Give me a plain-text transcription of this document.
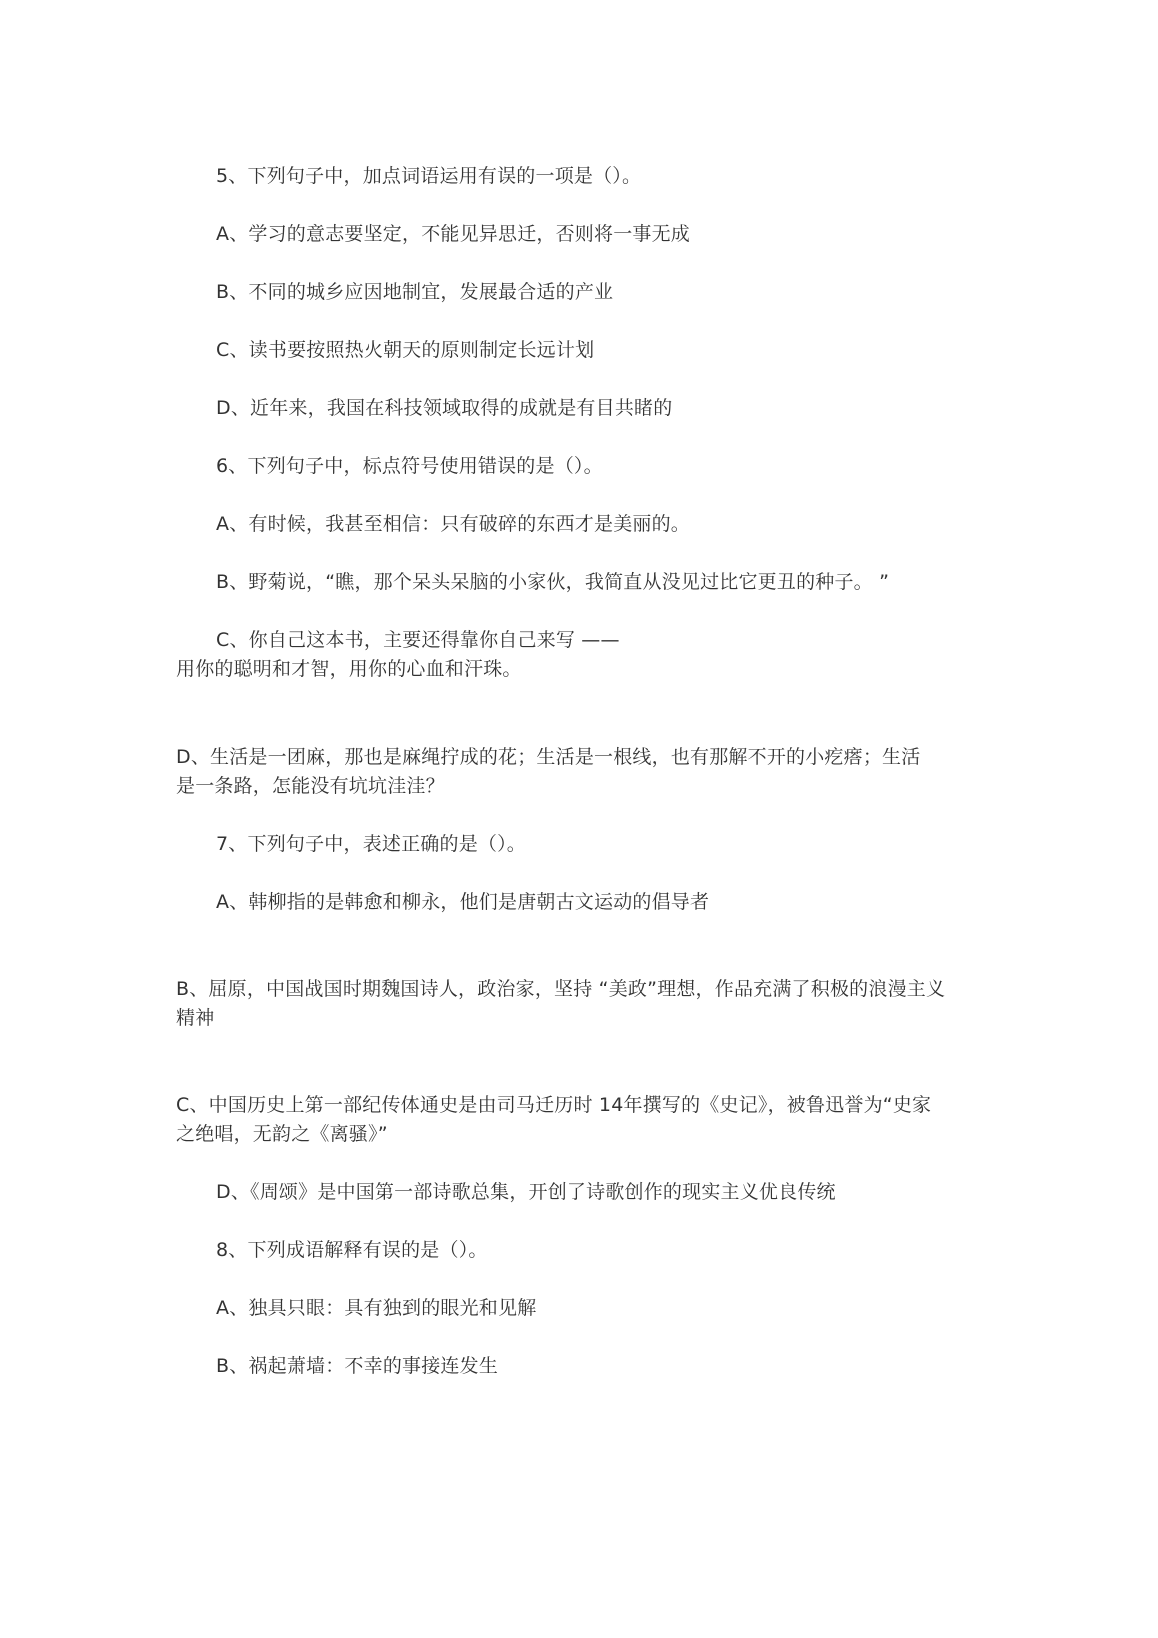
5、下列句子中，加点词语运用有误的一项是（）。
A、学习的意志要坚定，不能见异思迁，否则将一事无成
B、不同的城乡应因地制宜，发展最合适的产业
C、读书要按照热火朝天的原则制定长远计划
D、近年来，我国在科技领域取得的成就是有目共睹的
6、下列句子中，标点符号使用错误的是（）。
A、有时候，我甚至相信：只有破碎的东西才是美丽的。
B、野菊说，“瞧，那个呆头呆脑的小家伙，我简直从没见过比它更丑的种子。 ”
C、你自己这本书，主要还得靠你自己来写 ——
用你的聪明和才智，用你的心血和汗珠。
D、生活是一团麻，那也是麻绳拧成的花；生活是一根线，也有那解不开的小疙瘩；生活
是一条路，怎能没有坑坑洼洼？
7、下列句子中，表述正确的是（）。
A、韩柳指的是韩愈和柳永，他们是唐朝古文运动的倡导者
B、屈原，中国战国时期魏国诗人，政治家，坚持 “美政”理想，作品充满了积极的浪漫主义
精神
C、中国历史上第一部纪传体通史是由司马迁历时 14年撰写的《史记》，被鲁迅誉为“史家
之绝唱，无韵之《离骚》”
D、《周颂》是中国第一部诗歌总集，开创了诗歌创作的现实主义优良传统
8、下列成语解释有误的是（）。
A、独具只眼：具有独到的眼光和见解
B、祸起萧墙：不幸的事接连发生
